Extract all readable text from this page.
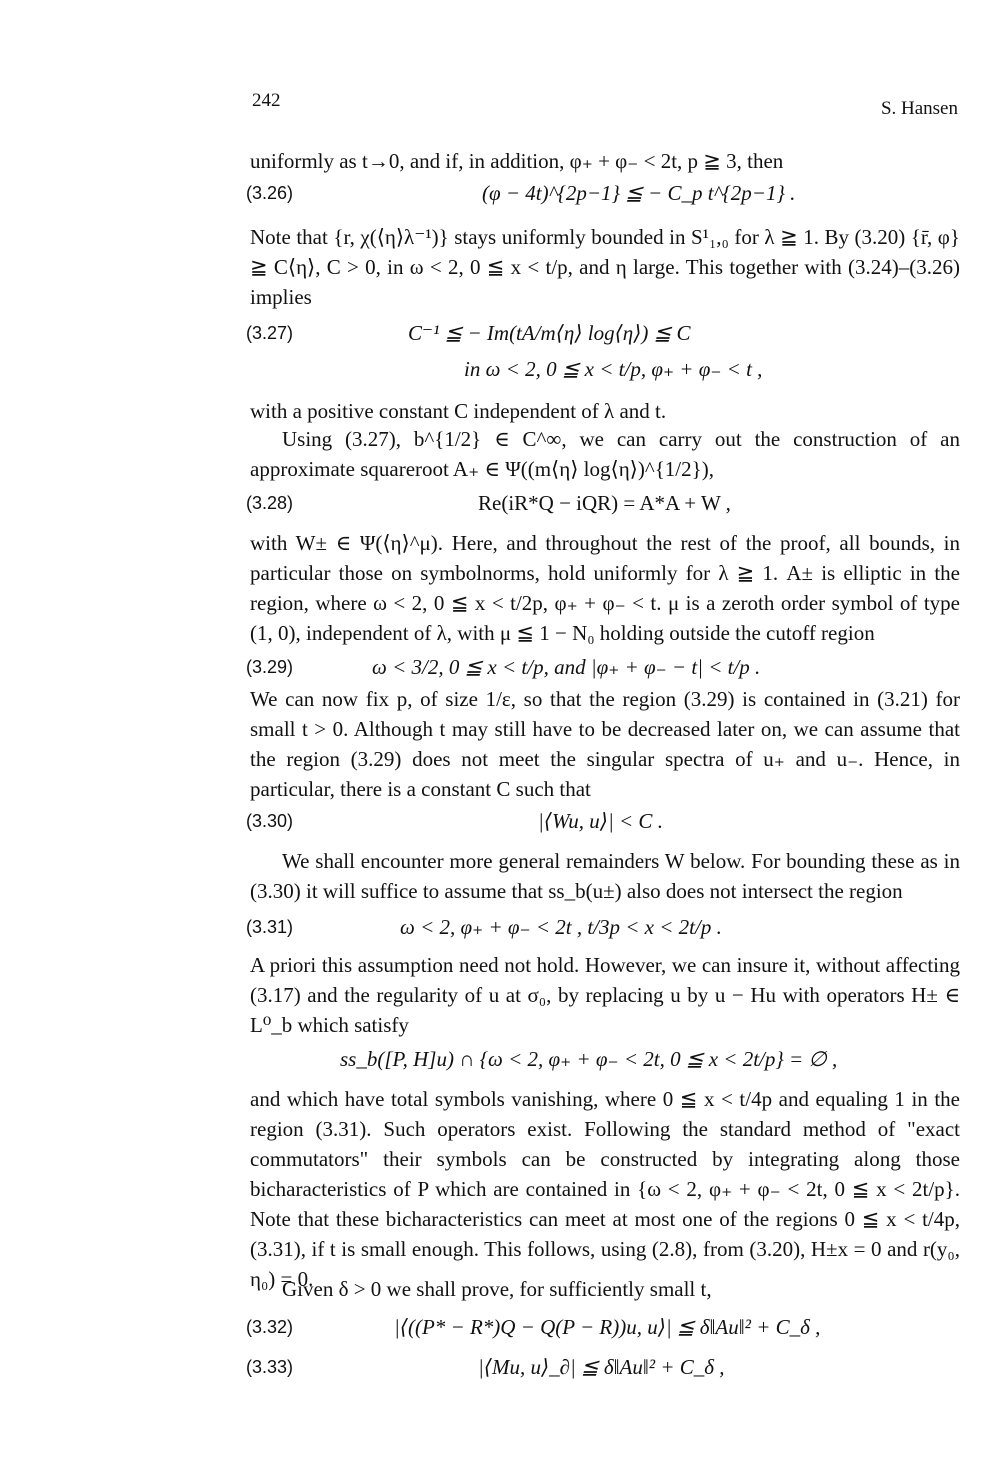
242	S. Hansen
uniformly as t→0, and if, in addition, φ₊ + φ₋ < 2t, p ≧ 3, then
(3.26)	(φ − 4t)^{2p−1} ≦ − C_p t^{2p−1} .
Note that {r, χ(⟨η⟩λ⁻¹)} stays uniformly bounded in S¹₁,₀ for λ ≧ 1. By (3.20) {r̄, φ} ≧ C⟨η⟩, C > 0, in ω < 2, 0 ≦ x < t/p, and η large. This together with (3.24)–(3.26) implies
(3.27)	C⁻¹ ≦ − Im(tA/m⟨η⟩ log⟨η⟩) ≦ C
in ω < 2, 0 ≦ x < t/p, φ₊ + φ₋ < t ,
with a positive constant C independent of λ and t.
Using (3.27), b^{1/2} ∈ C^∞, we can carry out the construction of an approximate squareroot A₊ ∈ Ψ((m⟨η⟩ log⟨η⟩)^{1/2}),
(3.28)	Re(iR*Q − iQR) = A*A + W ,
with W± ∈ Ψ(⟨η⟩^μ). Here, and throughout the rest of the proof, all bounds, in particular those on symbolnorms, hold uniformly for λ ≧ 1. A± is elliptic in the region, where ω < 2, 0 ≦ x < t/2p, φ₊ + φ₋ < t. μ is a zeroth order symbol of type (1, 0), independent of λ, with μ ≦ 1 − N₀ holding outside the cutoff region
(3.29)	ω < 3/2, 0 ≦ x < t/p, and |φ₊ + φ₋ − t| < t/p .
We can now fix p, of size 1/ε, so that the region (3.29) is contained in (3.21) for small t > 0. Although t may still have to be decreased later on, we can assume that the region (3.29) does not meet the singular spectra of u₊ and u₋. Hence, in particular, there is a constant C such that
(3.30)	|⟨Wu, u⟩| < C .
We shall encounter more general remainders W below. For bounding these as in (3.30) it will suffice to assume that ss_b(u±) also does not intersect the region
(3.31)	ω < 2, φ₊ + φ₋ < 2t , t/3p < x < 2t/p .
A priori this assumption need not hold. However, we can insure it, without affecting (3.17) and the regularity of u at σ₀, by replacing u by u − Hu with operators H± ∈ L⁰_b which satisfy
ss_b([P, H]u) ∩ {ω < 2, φ₊ + φ₋ < 2t, 0 ≦ x < 2t/p} = ∅ ,
and which have total symbols vanishing, where 0 ≦ x < t/4p and equaling 1 in the region (3.31). Such operators exist. Following the standard method of "exact commutators" their symbols can be constructed by integrating along those bicharacteristics of P which are contained in {ω < 2, φ₊ + φ₋ < 2t, 0 ≦ x < 2t/p}. Note that these bicharacteristics can meet at most one of the regions 0 ≦ x < t/4p, (3.31), if t is small enough. This follows, using (2.8), from (3.20), H±x = 0 and r(y₀, η₀) = 0.
Given δ > 0 we shall prove, for sufficiently small t,
(3.32)	|⟨((P* − R*)Q − Q(P − R))u, u⟩| ≦ δ‖Au‖² + C_δ ,
(3.33)	|⟨Mu, u⟩_∂| ≦ δ‖Au‖² + C_δ ,
